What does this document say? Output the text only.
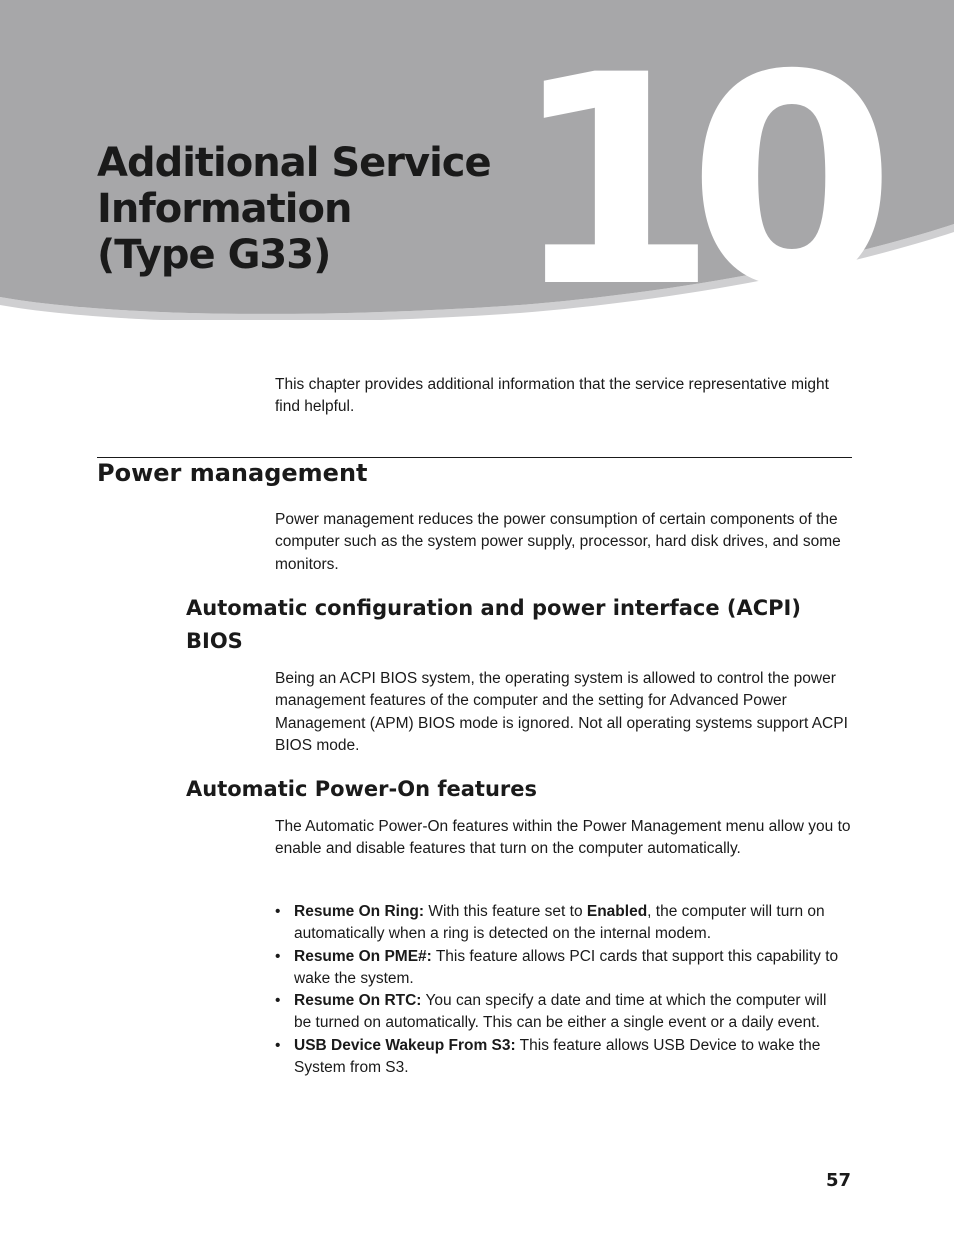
10
Additional Service
Information
(Type G33)

This chapter provides additional information that the service representative might find helpful.

Power management

Power management reduces the power consumption of certain components of the computer such as the system power supply, processor, hard disk drives, and some monitors.

Automatic configuration and power interface (ACPI)
BIOS

Being an ACPI BIOS system, the operating system is allowed to control the power management features of the computer and the setting for Advanced Power Management (APM) BIOS mode is ignored. Not all operating systems support ACPI BIOS mode.

Automatic Power-On features

The Automatic Power-On features within the Power Management menu allow you to enable and disable features that turn on the computer automatically.

• Resume On Ring: With this feature set to Enabled, the computer will turn on automatically when a ring is detected on the internal modem.
• Resume On PME#: This feature allows PCI cards that support this capability to wake the system.
• Resume On RTC: You can specify a date and time at which the computer will be turned on automatically. This can be either a single event or a daily event.
• USB Device Wakeup From S3: This feature allows USB Device to wake the System from S3.
57
